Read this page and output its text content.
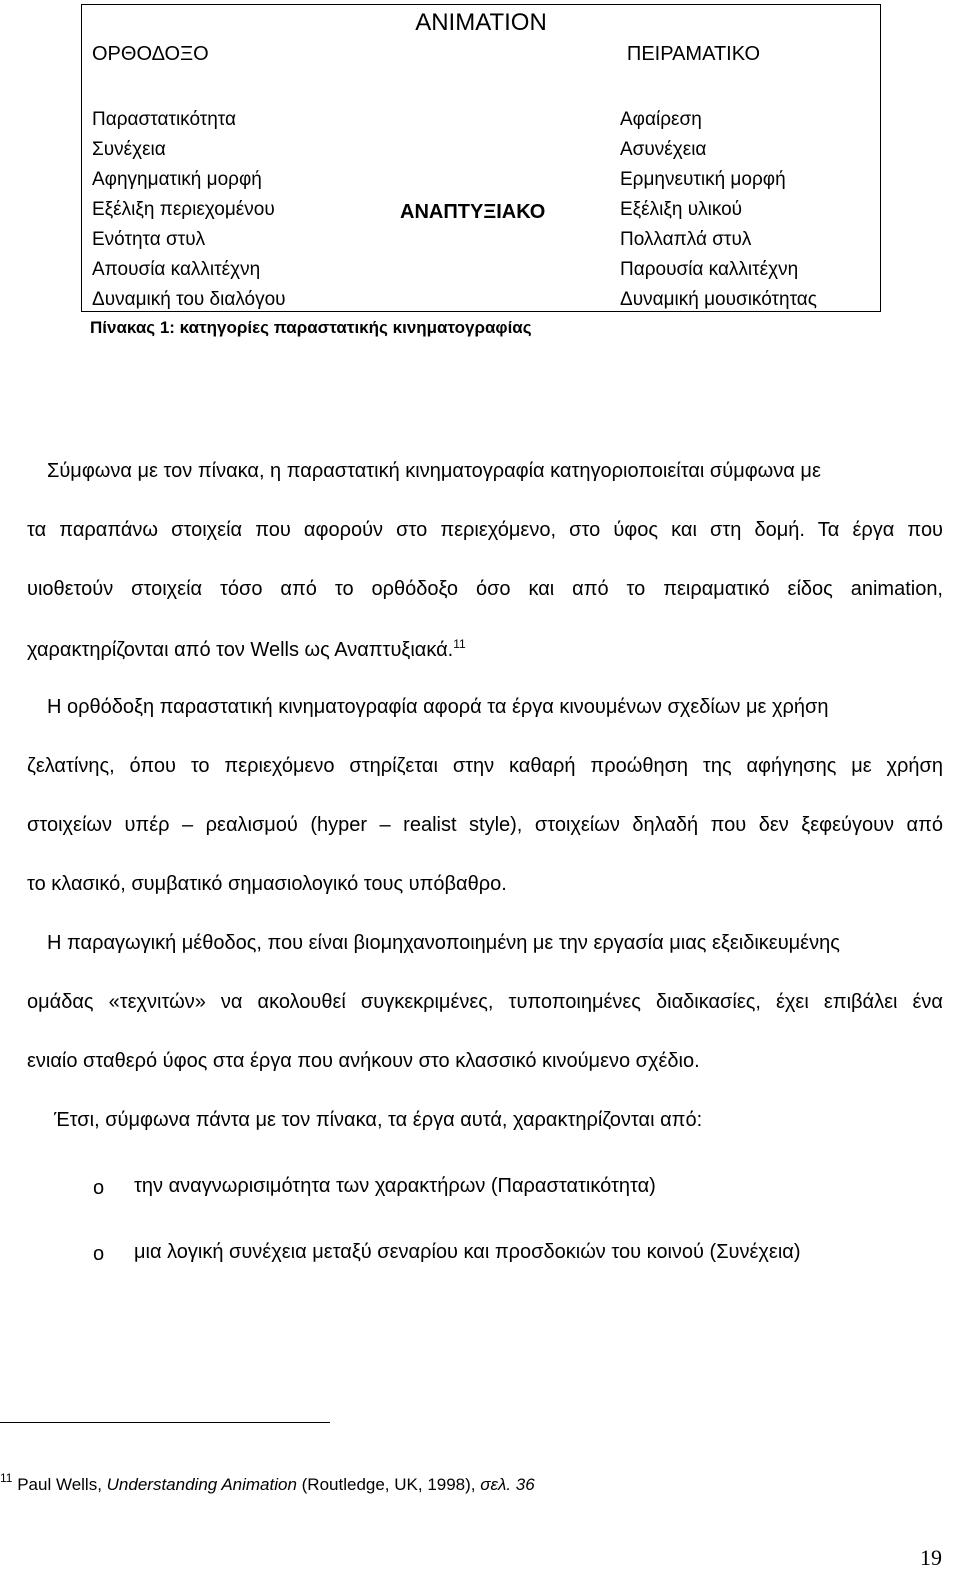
ANIMATION
ΟΡΘΟΔΟΞΟ	ΠΕΙΡΑΜΑΤΙΚΟ
ΑΝΑΠΤΥΞΙΑΚΟ
Παραστατικότητα
Συνέχεια
Αφηγηματική μορφή
Εξέλιξη περιεχομένου
Ενότητα στυλ
Απουσία καλλιτέχνη
Δυναμική του διαλόγου
Αφαίρεση
Ασυνέχεια
Ερμηνευτική μορφή
Εξέλιξη υλικού
Πολλαπλά στυλ
Παρουσία καλλιτέχνη
Δυναμική μουσικότητας
Πίνακας 1: κατηγορίες παραστατικής κινηματογραφίας
Σύμφωνα με τον πίνακα, η παραστατική κινηματογραφία κατηγοριοποιείται σύμφωνα με
τα παραπάνω στοιχεία που αφορούν στο περιεχόμενο, στο ύφος και στη δομή. Τα έργα που
υιοθετούν στοιχεία τόσο από το ορθόδοξο όσο και από το πειραματικό είδος animation,
χαρακτηρίζονται από τον Wells ως Αναπτυξιακά.$^{11}$
Η ορθόδοξη παραστατική κινηματογραφία αφορά τα έργα κινουμένων σχεδίων με χρήση
ζελατίνης, όπου το περιεχόμενο στηρίζεται στην καθαρή προώθηση της αφήγησης με χρήση
στοιχείων υπέρ – ρεαλισμού (hyper – realist style), στοιχείων δηλαδή που δεν ξεφεύγουν από
το κλασικό, συμβατικό σημασιολογικό τους υπόβαθρο.
Η παραγωγική μέθοδος, που είναι βιομηχανοποιημένη με την εργασία μιας εξειδικευμένης
ομάδας «τεχνιτών» να ακολουθεί συγκεκριμένες, τυποποιημένες διαδικασίες, έχει επιβάλει ένα
ενιαίο σταθερό ύφος στα έργα που ανήκουν στο κλασσικό κινούμενο σχέδιο.
Έτσι, σύμφωνα πάντα με τον πίνακα, τα έργα αυτά, χαρακτηρίζονται από:
o την αναγνωρισιμότητα των χαρακτήρων (Παραστατικότητα)
o μια λογική συνέχεια μεταξύ σεναρίου και προσδοκιών του κοινού (Συνέχεια)
$^{11}$ Paul Wells, Understanding Animation (Routledge, UK, 1998), σελ. 36
19
